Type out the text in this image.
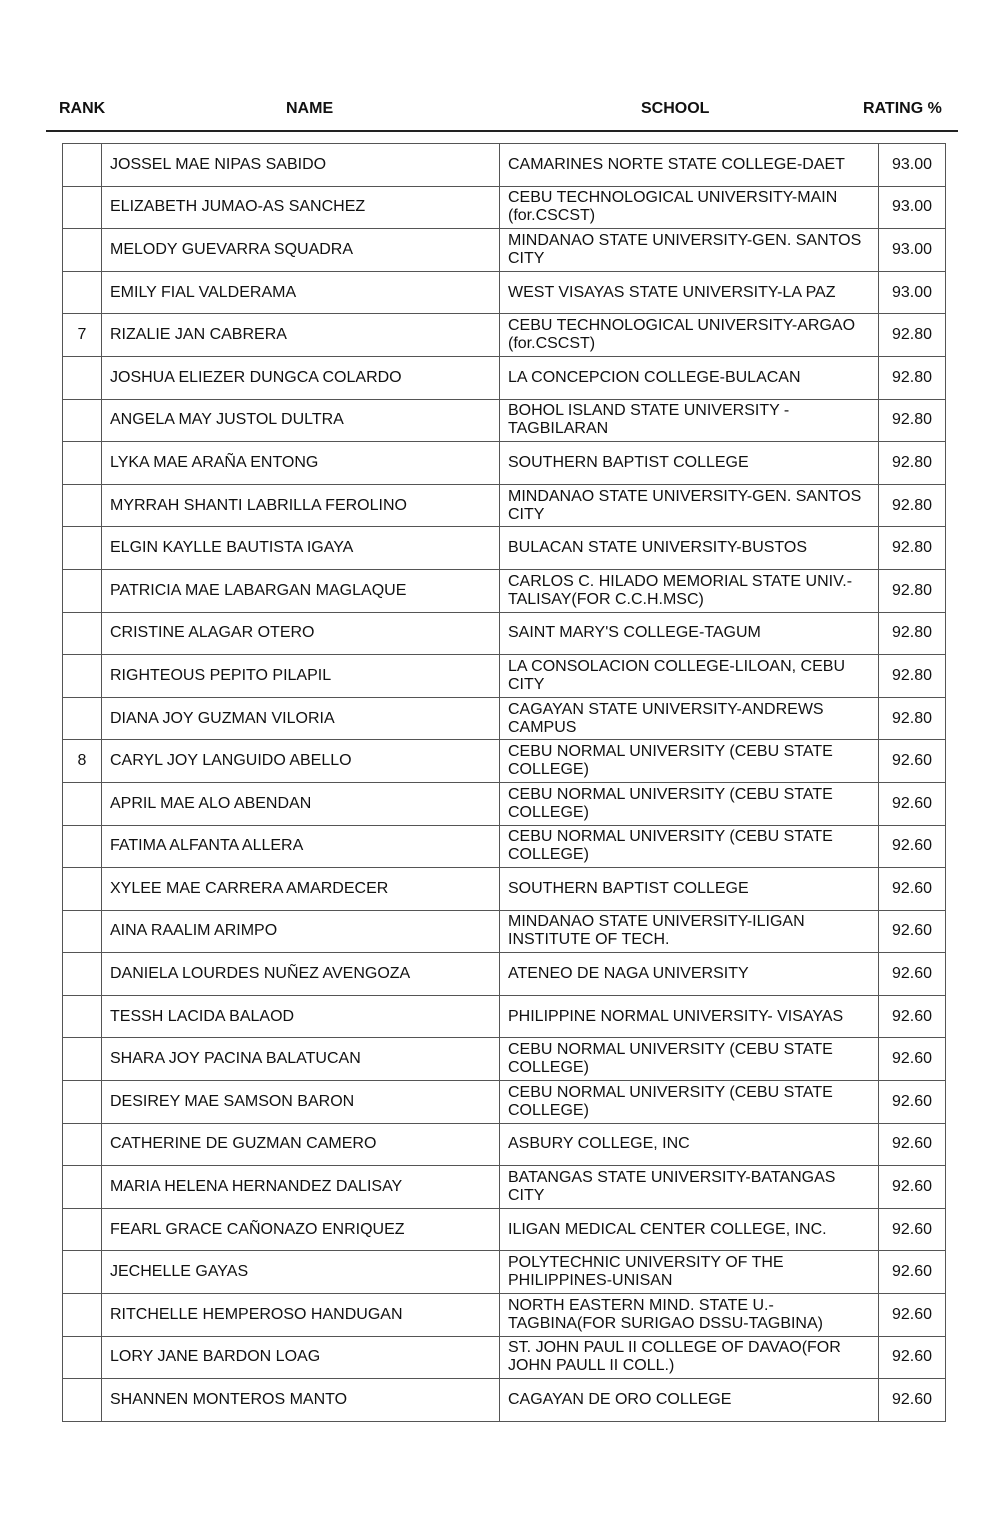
RANK	NAME	SCHOOL	RATING %
	JOSSEL MAE NIPAS SABIDO	CAMARINES NORTE STATE COLLEGE-DAET	93.00
	ELIZABETH JUMAO-AS SANCHEZ	CEBU TECHNOLOGICAL UNIVERSITY-MAIN (for.CSCST)	93.00
	MELODY GUEVARRA SQUADRA	MINDANAO STATE UNIVERSITY-GEN. SANTOS CITY	93.00
	EMILY FIAL VALDERAMA	WEST VISAYAS STATE UNIVERSITY-LA PAZ	93.00
7	RIZALIE JAN CABRERA	CEBU TECHNOLOGICAL UNIVERSITY-ARGAO (for.CSCST)	92.80
	JOSHUA ELIEZER DUNGCA COLARDO	LA CONCEPCION COLLEGE-BULACAN	92.80
	ANGELA MAY JUSTOL DULTRA	BOHOL ISLAND STATE UNIVERSITY - TAGBILARAN	92.80
	LYKA MAE ARAÑA ENTONG	SOUTHERN BAPTIST COLLEGE	92.80
	MYRRAH SHANTI LABRILLA FEROLINO	MINDANAO STATE UNIVERSITY-GEN. SANTOS CITY	92.80
	ELGIN KAYLLE BAUTISTA IGAYA	BULACAN STATE UNIVERSITY-BUSTOS	92.80
	PATRICIA MAE LABARGAN MAGLAQUE	CARLOS C. HILADO MEMORIAL STATE UNIV.-TALISAY(FOR C.C.H.MSC)	92.80
	CRISTINE ALAGAR OTERO	SAINT MARY'S COLLEGE-TAGUM	92.80
	RIGHTEOUS PEPITO PILAPIL	LA CONSOLACION COLLEGE-LILOAN, CEBU CITY	92.80
	DIANA JOY GUZMAN VILORIA	CAGAYAN STATE UNIVERSITY-ANDREWS CAMPUS	92.80
8	CARYL JOY LANGUIDO ABELLO	CEBU NORMAL UNIVERSITY (CEBU STATE COLLEGE)	92.60
	APRIL MAE ALO ABENDAN	CEBU NORMAL UNIVERSITY (CEBU STATE COLLEGE)	92.60
	FATIMA ALFANTA ALLERA	CEBU NORMAL UNIVERSITY (CEBU STATE COLLEGE)	92.60
	XYLEE MAE CARRERA AMARDECER	SOUTHERN BAPTIST COLLEGE	92.60
	AINA RAALIM ARIMPO	MINDANAO STATE UNIVERSITY-ILIGAN INSTITUTE OF TECH.	92.60
	DANIELA LOURDES NUÑEZ AVENGOZA	ATENEO DE NAGA UNIVERSITY	92.60
	TESSH LACIDA BALAOD	PHILIPPINE NORMAL UNIVERSITY- VISAYAS	92.60
	SHARA JOY PACINA BALATUCAN	CEBU NORMAL UNIVERSITY (CEBU STATE COLLEGE)	92.60
	DESIREY MAE SAMSON BARON	CEBU NORMAL UNIVERSITY (CEBU STATE COLLEGE)	92.60
	CATHERINE DE GUZMAN CAMERO	ASBURY COLLEGE, INC	92.60
	MARIA HELENA HERNANDEZ DALISAY	BATANGAS STATE UNIVERSITY-BATANGAS CITY	92.60
	FEARL GRACE CAÑONAZO ENRIQUEZ	ILIGAN MEDICAL CENTER COLLEGE, INC.	92.60
	JECHELLE GAYAS	POLYTECHNIC UNIVERSITY OF THE PHILIPPINES-UNISAN	92.60
	RITCHELLE HEMPEROSO HANDUGAN	NORTH EASTERN MIND. STATE U.-TAGBINA(FOR SURIGAO DSSU-TAGBINA)	92.60
	LORY JANE BARDON LOAG	ST. JOHN PAUL II COLLEGE OF DAVAO(FOR JOHN PAULL II COLL.)	92.60
	SHANNEN MONTEROS MANTO	CAGAYAN DE ORO COLLEGE	92.60
